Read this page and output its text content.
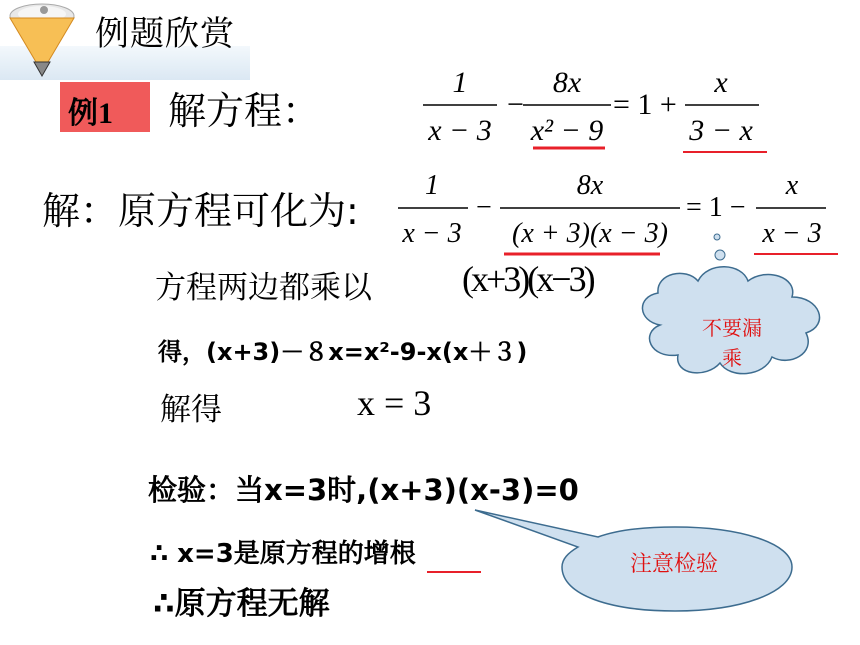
例题欣赏
例1 解方程：
1
x − 3
−
8x
x² − 9
= 1 +
x
3 − x
解：原方程可化为:
1
x − 3
−
8x
(x + 3)(x − 3)
= 1 −
x
x − 3
不要漏
乘
方程两边都乘以	(x+3)(x−3)
得，(x+3)－８x=x²-9-x(x＋３)
解得	x = 3
检验：当x=3时,(x+3)(x-3)=0
∴ x=3是原方程的增根
∴原方程无解
注意检验
